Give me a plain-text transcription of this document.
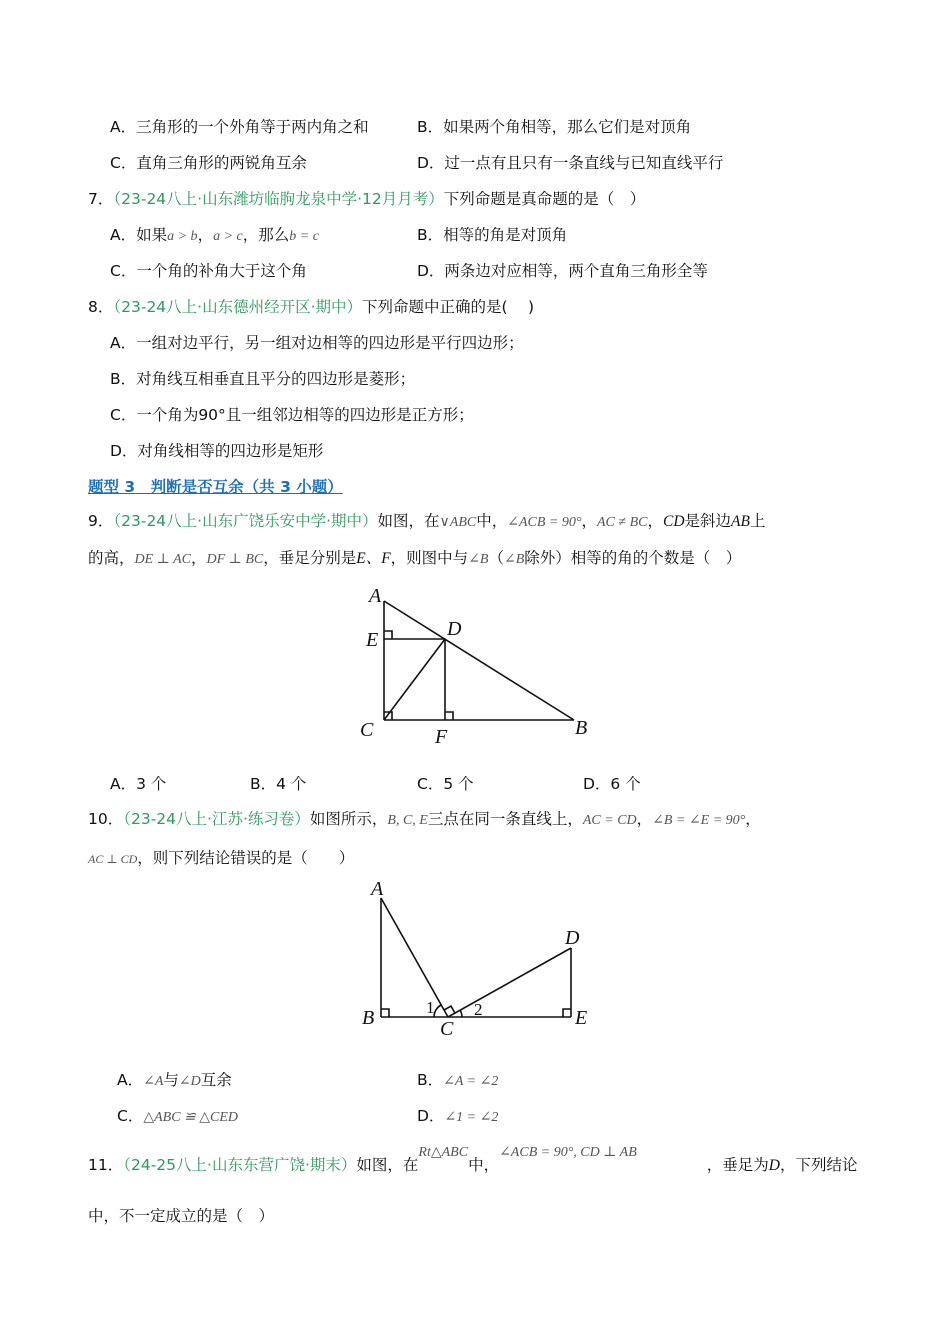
A．三角形的一个外角等于两内角之和	B．如果两个角相等，那么它们是对顶角
C．直角三角形的两锐角互余	D．过一点有且只有一条直线与已知直线平行
7．（23-24八上·山东潍坊临朐龙泉中学·12月月考）下列命题是真命题的是（　）
A．如果a > b，a > c，那么b = c	B．相等的角是对顶角
C．一个角的补角大于这个角	D．两条边对应相等，两个直角三角形全等
8．（23-24八上·山东德州经开区·期中）下列命题中正确的是(　 )
A．一组对边平行，另一组对边相等的四边形是平行四边形；
B．对角线互相垂直且平分的四边形是菱形；
C．一个角为90°且一组邻边相等的四边形是正方形；
D．对角线相等的四边形是矩形
题型 3　判断是否互余（共 3 小题）
9．（23-24八上·山东广饶乐安中学·期中）如图，在∨ABC中，∠ACB = 90°，AC ≠ BC，CD是斜边AB上
的高，DE ⊥ AC，DF ⊥ BC，垂足分别是E、F，则图中与∠B（∠B除外）相等的角的个数是（　）
A
E	D
C	F	B
A．3 个	B．4 个	C．5 个	D．6 个
10．（23-24八上·江苏·练习卷）如图所示，B, C, E三点在同一条直线上，AC = CD，∠B = ∠E = 90°，
AC ⊥ CD，则下列结论错误的是（　　）
A
B	C
D
E
1 2
A．∠A与∠D互余	B．∠A = ∠2
C．△ABC ≌ △CED	D．∠1 = ∠2
11．（24-25八上·山东东营广饶·期末）如图，在Rt△ABC中，∠ACB = 90°, CD ⊥ AB，垂足为D，下列结论
中，不一定成立的是（　）
